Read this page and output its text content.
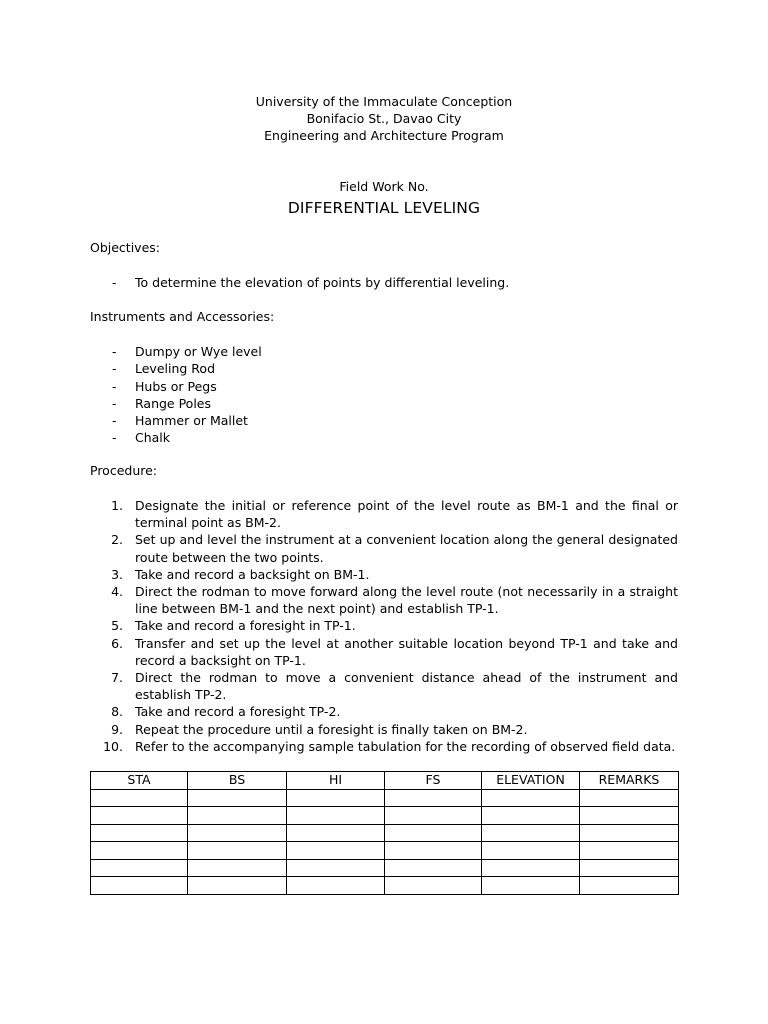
University of the Immaculate Conception
Bonifacio St., Davao City
Engineering and Architecture Program
Field Work No.
DIFFERENTIAL LEVELING
Objectives:
- To determine the elevation of points by differential leveling.
Instruments and Accessories:
- Dumpy or Wye level
- Leveling Rod
- Hubs or Pegs
- Range Poles
- Hammer or Mallet
- Chalk
Procedure:
1. Designate the initial or reference point of the level route as BM-1 and the final or terminal point as BM-2.
2. Set up and level the instrument at a convenient location along the general designated route between the two points.
3. Take and record a backsight on BM-1.
4. Direct the rodman to move forward along the level route (not necessarily in a straight line between BM-1 and the next point) and establish TP-1.
5. Take and record a foresight in TP-1.
6. Transfer and set up the level at another suitable location beyond TP-1 and take and record a backsight on TP-1.
7. Direct the rodman to move a convenient distance ahead of the instrument and establish TP-2.
8. Take and record a foresight TP-2.
9. Repeat the procedure until a foresight is finally taken on BM-2.
10. Refer to the accompanying sample tabulation for the recording of observed field data.
STA	BS	HI	FS	ELEVATION	REMARKS
